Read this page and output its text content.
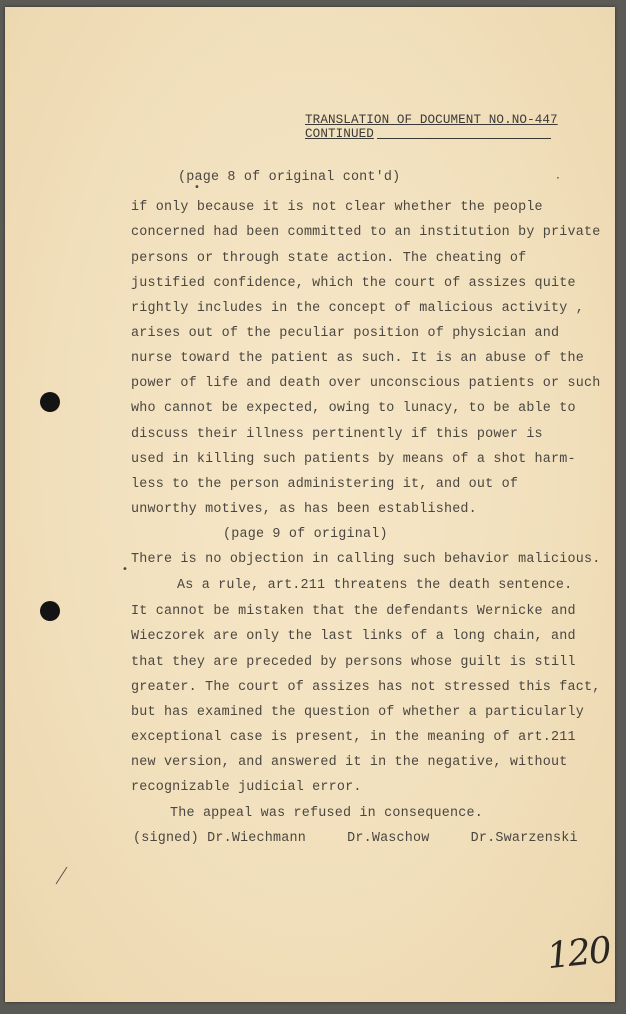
TRANSLATION OF DOCUMENT NO.NO-447
CONTINUED
(page 8 of original cont'd)	·
•
if only because it is not clear whether the people
concerned had been committed to an institution by private
persons or through state action. The cheating of
justified confidence, which the court of assizes quite
rightly includes in the concept of malicious activity ,
arises out of the peculiar position of physician and
nurse toward the patient as such. It is an abuse of the
power of life and death over unconscious patients or such
who cannot be expected, owing to lunacy, to be able to
discuss their illness pertinently if this power is
used in killing such patients by means of a shot harm-
less to the person administering it, and out of
unworthy motives, as has been established.
(page 9 of original)
There is no objection in calling such behavior malicious.
•
As a rule, art.211 threatens the death sentence.
It cannot be mistaken that the defendants Wernicke and
Wieczorek are only the last links of a long chain, and
that they are preceded by persons whose guilt is still
greater. The court of assizes has not stressed this fact,
but has examined the question of whether a particularly
exceptional case is present, in the meaning of art.211
new version, and answered it in the negative, without
recognizable judicial error.
The appeal was refused in consequence.
(signed) Dr.Wiechmann     Dr.Waschow     Dr.Swarzenski
120
